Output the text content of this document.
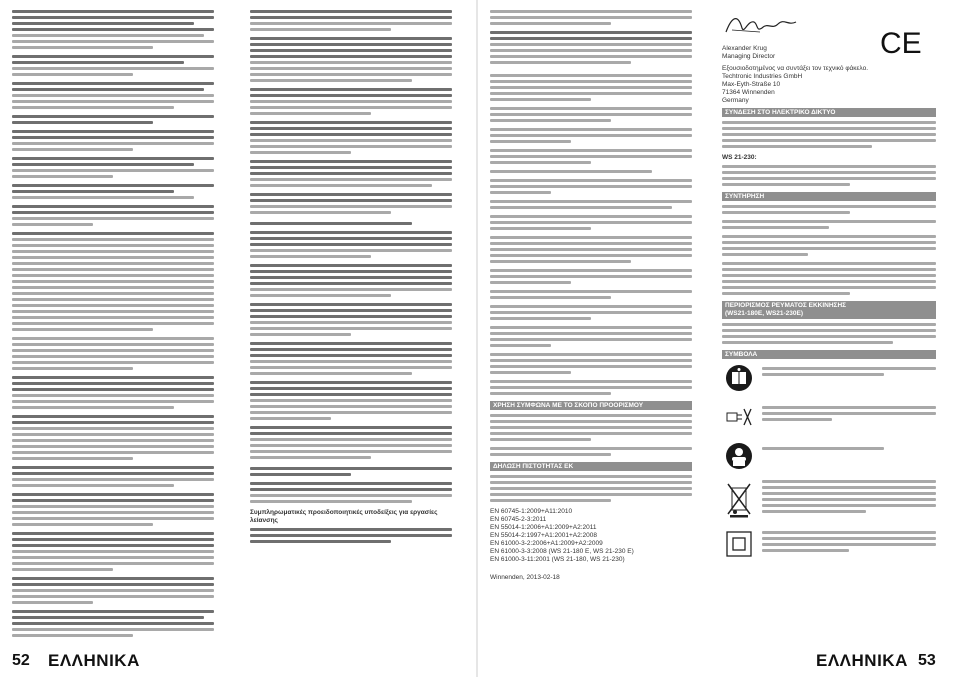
Συμπληρωματικές προειδοποιητικές υποδείξεις για εργασίες λείανσης
52 ΕΛΛΗΝΙΚΑ
ΧΡΗΣΗ ΣΥΜΦΩΝΑ ΜΕ ΤΟ ΣΚΟΠΟ ΠΡΟΟΡΙΣΜΟΥ
ΔΗΛΩΣΗ ΠΙΣΤΟΤΗΤΑΣ ΕΚ
EN 60745-1:2009+A11:2010
EN 60745-2-3:2011
EN 55014-1:2006+A1:2009+A2:2011
EN 55014-2:1997+A1:2001+A2:2008
EN 61000-3-2:2006+A1:2009+A2:2009
EN 61000-3-3:2008 (WS 21-180 E, WS 21-230 E)
EN 61000-3-11:2001 (WS 21-180, WS 21-230)
Winnenden, 2013-02-18
Alexander Krug
Managing Director
Εξουσιοδοτημένος να συντάξει τον τεχνικό φάκελο.
Techtronic Industries GmbH
Max-Eyth-Straße 10
71364 Winnenden
Germany
ΣΥΝΔΕΣΗ ΣΤΟ ΗΛΕΚΤΡΙΚΟ ΔΙΚΤΥΟ
WS 21-230:
ΣΥΝΤΗΡΗΣΗ
ΠΕΡΙΟΡΙΣΜΟΣ ΡΕΥΜΑΤΟΣ ΕΚΚΙΝΗΣΗΣ
(WS21-180E, WS21-230E)
ΣΥΜΒΟΛΑ
CE
ΕΛΛΗΝΙΚΑ 53
